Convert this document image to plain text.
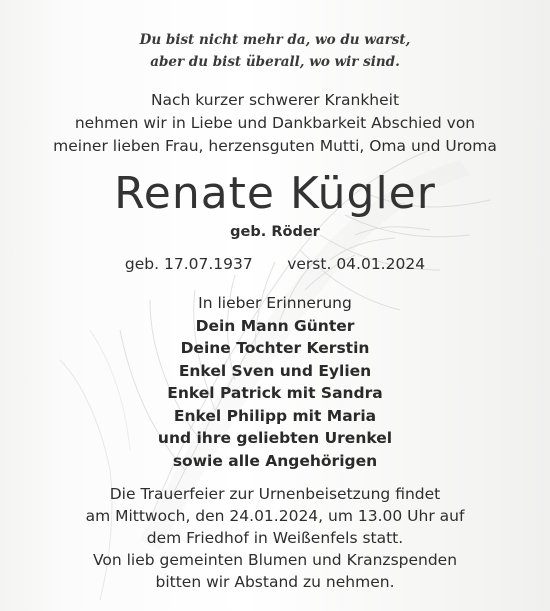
Du bist nicht mehr da, wo du warst,
aber du bist überall, wo wir sind.
Nach kurzer schwerer Krankheit
nehmen wir in Liebe und Dankbarkeit Abschied von
meiner lieben Frau, herzensguten Mutti, Oma und Uroma
Renate Kügler
geb. Röder
geb. 17.07.1937       verst. 04.01.2024
In lieber Erinnerung
Dein Mann Günter
Deine Tochter Kerstin
Enkel Sven und Eylien
Enkel Patrick mit Sandra
Enkel Philipp mit Maria
und ihre geliebten Urenkel
sowie alle Angehörigen
Die Trauerfeier zur Urnenbeisetzung findet
am Mittwoch, den 24.01.2024, um 13.00 Uhr auf
dem Friedhof in Weißenfels statt.
Von lieb gemeinten Blumen und Kranzspenden
bitten wir Abstand zu nehmen.
